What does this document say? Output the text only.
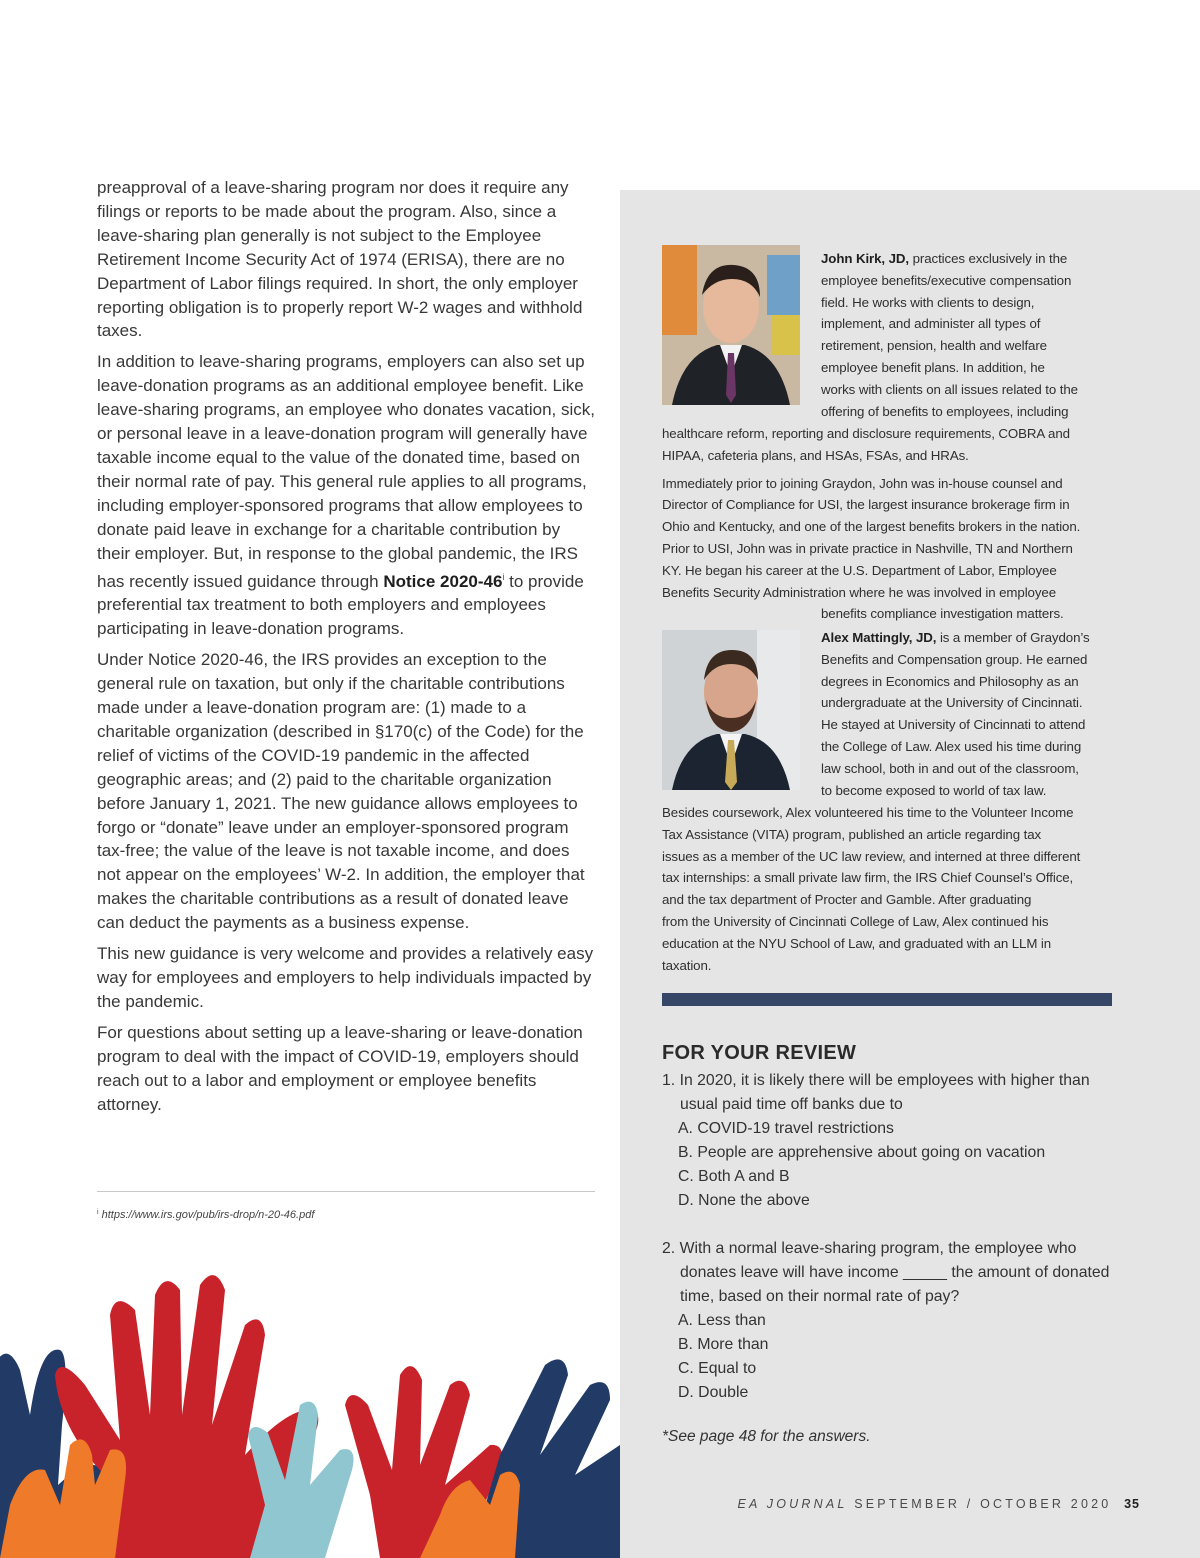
preapproval of a leave-sharing program nor does it require any filings or reports to be made about the program. Also, since a leave-sharing plan generally is not subject to the Employee Retirement Income Security Act of 1974 (ERISA), there are no Department of Labor filings required. In short, the only employer reporting obligation is to properly report W-2 wages and withhold taxes.

In addition to leave-sharing programs, employers can also set up leave-donation programs as an additional employee benefit. Like leave-sharing programs, an employee who donates vacation, sick, or personal leave in a leave-donation program will generally have taxable income equal to the value of the donated time, based on their normal rate of pay. This general rule applies to all programs, including employer-sponsored programs that allow employees to donate paid leave in exchange for a charitable contribution by their employer. But, in response to the global pandemic, the IRS has recently issued guidance through Notice 2020-46$^i$ to provide preferential tax treatment to both employers and employees participating in leave-donation programs.

Under Notice 2020-46, the IRS provides an exception to the general rule on taxation, but only if the charitable contributions made under a leave-donation program are: (1) made to a charitable organization (described in §170(c) of the Code) for the relief of victims of the COVID-19 pandemic in the affected geographic areas; and (2) paid to the charitable organization before January 1, 2021. The new guidance allows employees to forgo or “donate” leave under an employer-sponsored program tax-free; the value of the leave is not taxable income, and does not appear on the employees’ W-2. In addition, the employer that makes the charitable contributions as a result of donated leave can deduct the payments as a business expense.

This new guidance is very welcome and provides a relatively easy way for employees and employers to help individuals impacted by the pandemic.

For questions about setting up a leave-sharing or leave-donation program to deal with the impact of COVID-19, employers should reach out to a labor and employment or employee benefits attorney.

$^i$ https://www.irs.gov/pub/irs-drop/n-20-46.pdf
John Kirk, JD, practices exclusively in the
employee benefits/executive compensation
field. He works with clients to design,
implement, and administer all types of
retirement, pension, health and welfare
employee benefit plans. In addition, he
works with clients on all issues related to the
offering of benefits to employees, including
healthcare reform, reporting and disclosure requirements, COBRA and
HIPAA, cafeteria plans, and HSAs, FSAs, and HRAs.
Immediately prior to joining Graydon, John was in-house counsel and
Director of Compliance for USI, the largest insurance brokerage firm in
Ohio and Kentucky, and one of the largest benefits brokers in the nation.
Prior to USI, John was in private practice in Nashville, TN and Northern
KY. He began his career at the U.S. Department of Labor, Employee
Benefits Security Administration where he was involved in employee
benefits compliance investigation matters.
Alex Mattingly, JD, is a member of Graydon’s
Benefits and Compensation group. He earned
degrees in Economics and Philosophy as an
undergraduate at the University of Cincinnati.
He stayed at University of Cincinnati to attend
the College of Law. Alex used his time during
law school, both in and out of the classroom,
to become exposed to world of tax law.
Besides coursework, Alex volunteered his time to the Volunteer Income
Tax Assistance (VITA) program, published an article regarding tax
issues as a member of the UC law review, and interned at three different
tax internships: a small private law firm, the IRS Chief Counsel’s Office,
and the tax department of Procter and Gamble. After graduating
from the University of Cincinnati College of Law, Alex continued his
education at the NYU School of Law, and graduated with an LLM in
taxation.
FOR YOUR REVIEW
1. In 2020, it is likely there will be employees with higher than usual paid time off banks due to
A. COVID-19 travel restrictions
B. People are apprehensive about going on vacation
C. Both A and B
D. None the above
2. With a normal leave-sharing program, the employee who donates leave will have income _____ the amount of donated time, based on their normal rate of pay?
A. Less than
B. More than
C. Equal to
D. Double
*See page 48 for the answers.
EA JOURNAL SEPTEMBER / OCTOBER 2020 35
